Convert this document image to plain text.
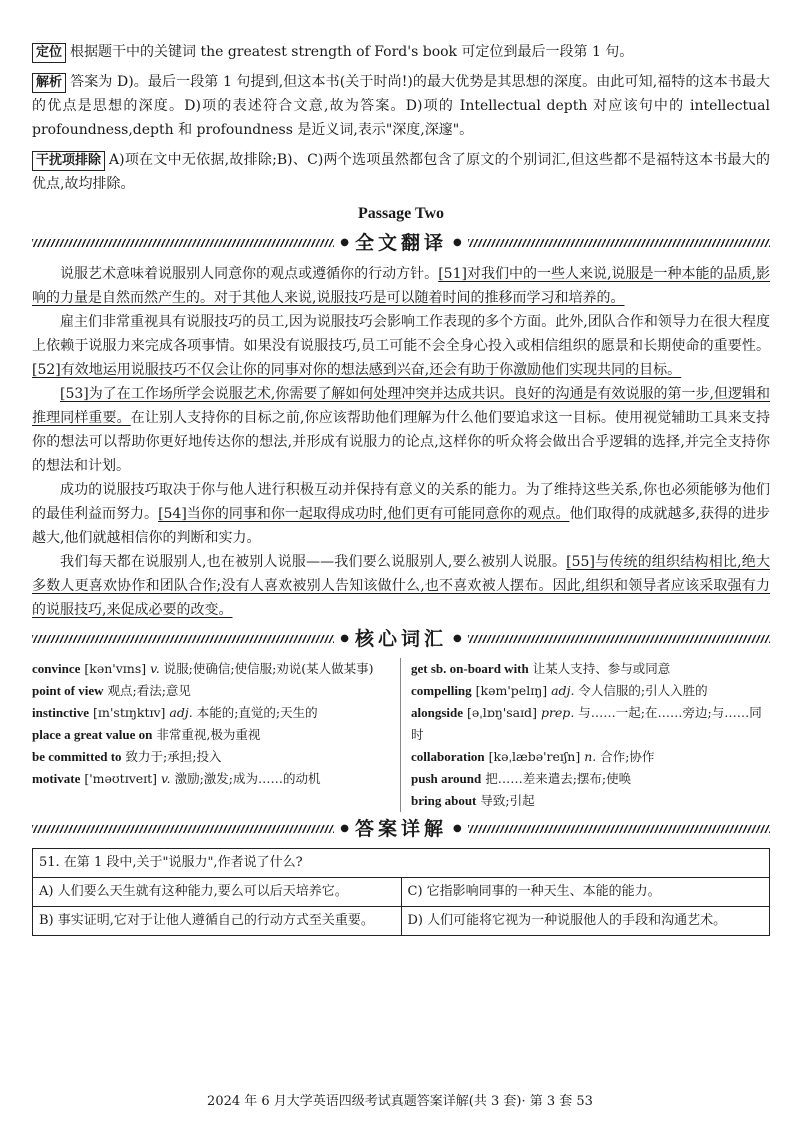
定位 根据题干中的关键词 the greatest strength of Ford's book 可定位到最后一段第 1 句。
解析 答案为 D)。最后一段第 1 句提到,但这本书(关于时尚!)的最大优势是其思想的深度。由此可知,福特的这本书最大的优点是思想的深度。D)项的表述符合文意,故为答案。D)项的 Intellectual depth 对应该句中的 intellectual profoundness,depth 和 profoundness 是近义词,表示"深度,深邃"。
干扰项排除 A)项在文中无依据,故排除;B)、C)两个选项虽然都包含了原文的个别词汇,但这些都不是福特这本书最大的优点,故均排除。
Passage Two
● 全文翻译 ●

说服艺术意味着说服别人同意你的观点或遵循你的行动方针。[51]对我们中的一些人来说,说服是一种本能的品质,影响的力量是自然而然产生的。对于其他人来说,说服技巧是可以随着时间的推移而学习和培养的。

雇主们非常重视具有说服技巧的员工,因为说服技巧会影响工作表现的多个方面。此外,团队合作和领导力在很大程度上依赖于说服力来完成各项事情。如果没有说服技巧,员工可能不会全身心投入或相信组织的愿景和长期使命的重要性。[52]有效地运用说服技巧不仅会让你的同事对你的想法感到兴奋,还会有助于你激励他们实现共同的目标。

[53]为了在工作场所学会说服艺术,你需要了解如何处理冲突并达成共识。良好的沟通是有效说服的第一步,但逻辑和推理同样重要。在让别人支持你的目标之前,你应该帮助他们理解为什么他们要追求这一目标。使用视觉辅助工具来支持你的想法可以帮助你更好地传达你的想法,并形成有说服力的论点,这样你的听众将会做出合乎逻辑的选择,并完全支持你的想法和计划。

成功的说服技巧取决于你与他人进行积极互动并保持有意义的关系的能力。为了维持这些关系,你也必须能够为他们的最佳利益而努力。[54]当你的同事和你一起取得成功时,他们更有可能同意你的观点。他们取得的成就越多,获得的进步越大,他们就越相信你的判断和实力。

我们每天都在说服别人,也在被别人说服——我们要么说服别人,要么被别人说服。[55]与传统的组织结构相比,绝大多数人更喜欢协作和团队合作;没有人喜欢被别人告知该做什么,也不喜欢被人摆布。因此,组织和领导者应该采取强有力的说服技巧,来促成必要的改变。

● 核心词汇 ●
convince [kən'vɪns] v. 说服;使确信;使信服;劝说(某人做某事)
point of view 观点;看法;意见
instinctive [ɪn'stɪŋktɪv] adj. 本能的;直觉的;天生的
place a great value on 非常重视,极为重视
be committed to 致力于;承担;投入
motivate ['məʊtɪveɪt] v. 激励;激发;成为……的动机
get sb. on-board with 让某人支持、参与或同意
compelling [kəm'pelɪŋ] adj. 令人信服的;引人入胜的
alongside [əˌlɒŋ'saɪd] prep. 与……一起;在……旁边;与……同时
collaboration [kəˌlæbə'reɪʃn] n. 合作;协作
push around 把……差来遣去;摆布;使唤
bring about 导致;引起
● 答案详解 ●
51. 在第 1 段中,关于"说服力",作者说了什么?	
A) 人们要么天生就有这种能力,要么可以后天培养它。	C) 它指影响同事的一种天生、本能的能力。
B) 事实证明,它对于让他人遵循自己的行动方式至关重要。	D) 人们可能将它视为一种说服他人的手段和沟通艺术。
2024 年 6 月大学英语四级考试真题答案详解(共 3 套)· 第 3 套 53
